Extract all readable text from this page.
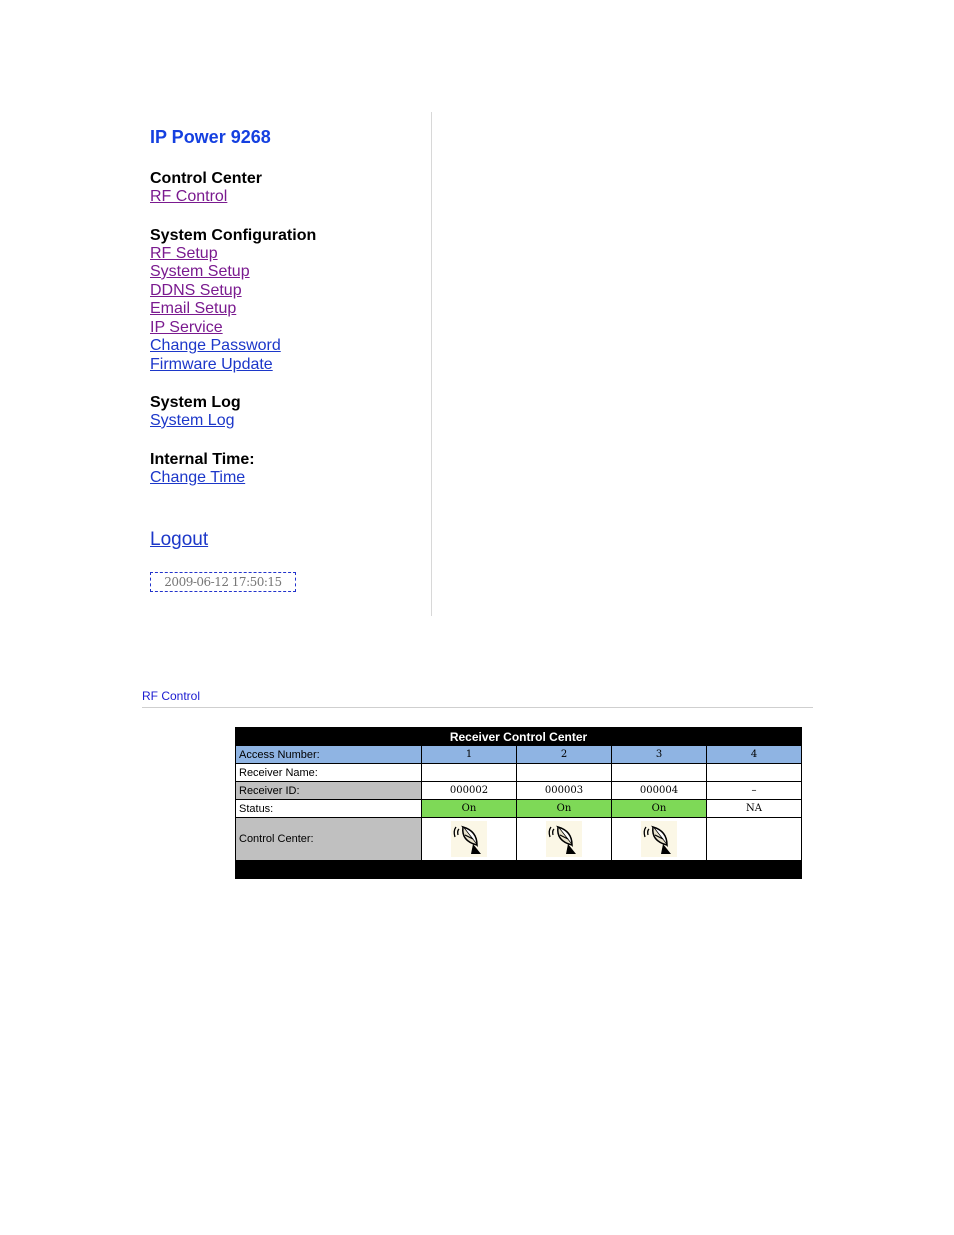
IP Power 9268
Control Center
RF Control
System Configuration
RF Setup
System Setup
DDNS Setup
Email Setup
IP Service
Change Password
Firmware Update
System Log
System Log
Internal Time:
Change Time
Logout
2009-06-12 17:50:15
RF Control
Receiver Control Center				
Access Number:	1	2	3	4
Receiver Name:				
Receiver ID:	000002	000003	000004	–
Status:	On	On	On	NA
Control Center:				
